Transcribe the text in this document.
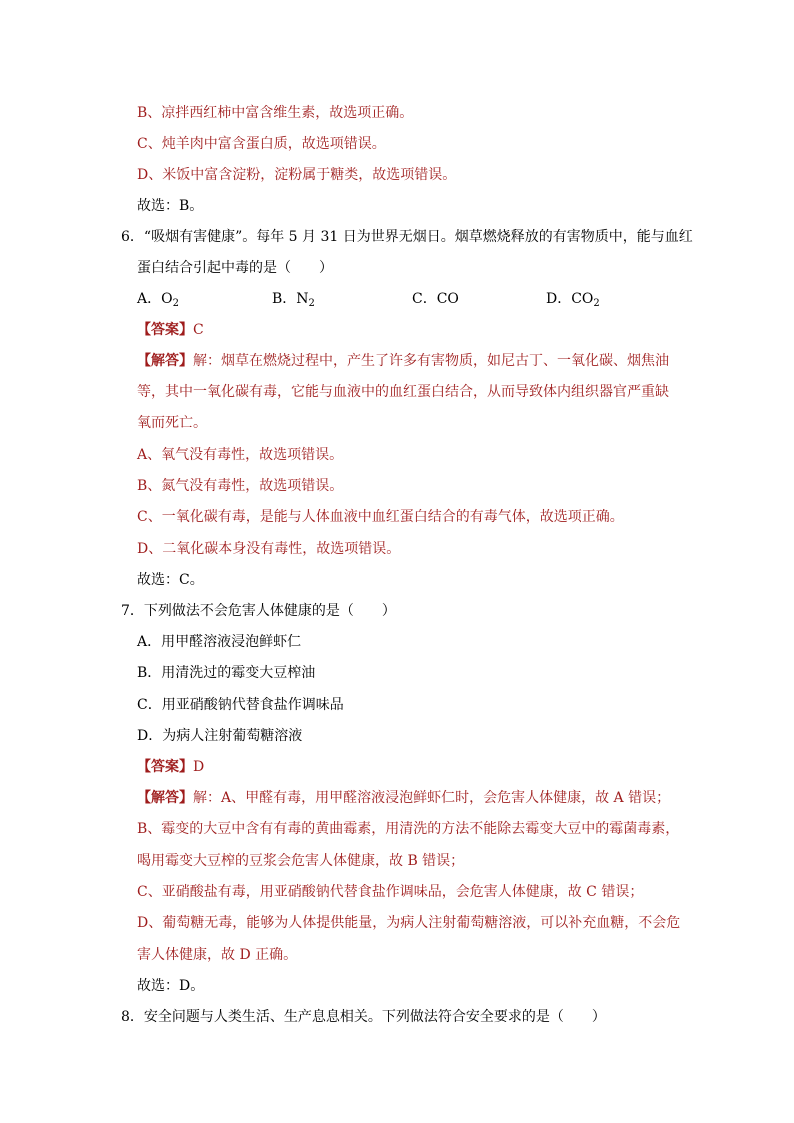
B、凉拌西红柿中富含维生素，故选项正确。
C、炖羊肉中富含蛋白质，故选项错误。
D、米饭中富含淀粉，淀粉属于糖类，故选项错误。
故选：B。
6．“吸烟有害健康”。每年 5 月 31 日为世界无烟日。烟草燃烧释放的有害物质中，能与血红
蛋白结合引起中毒的是（　　）
A．$O_2$	B．$N_2$	C．CO	D．$CO_2$
【答案】C
【解答】解：烟草在燃烧过程中，产生了许多有害物质，如尼古丁、一氧化碳、烟焦油
等，其中一氧化碳有毒，它能与血液中的血红蛋白结合，从而导致体内组织器官严重缺
氧而死亡。
A、氧气没有毒性，故选项错误。
B、氮气没有毒性，故选项错误。
C、一氧化碳有毒，是能与人体血液中血红蛋白结合的有毒气体，故选项正确。
D、二氧化碳本身没有毒性，故选项错误。
故选：C。
7．下列做法不会危害人体健康的是（　　）
A．用甲醛溶液浸泡鲜虾仁
B．用清洗过的霉变大豆榨油
C．用亚硝酸钠代替食盐作调味品
D．为病人注射葡萄糖溶液
【答案】D
【解答】解：A、甲醛有毒，用甲醛溶液浸泡鲜虾仁时，会危害人体健康，故 A 错误；
B、霉变的大豆中含有有毒的黄曲霉素，用清洗的方法不能除去霉变大豆中的霉菌毒素，
喝用霉变大豆榨的豆浆会危害人体健康，故 B 错误；
C、亚硝酸盐有毒，用亚硝酸钠代替食盐作调味品，会危害人体健康，故 C 错误；
D、葡萄糖无毒，能够为人体提供能量，为病人注射葡萄糖溶液，可以补充血糖，不会危
害人体健康，故 D 正确。
故选：D。
8．安全问题与人类生活、生产息息相关。下列做法符合安全要求的是（　　）
